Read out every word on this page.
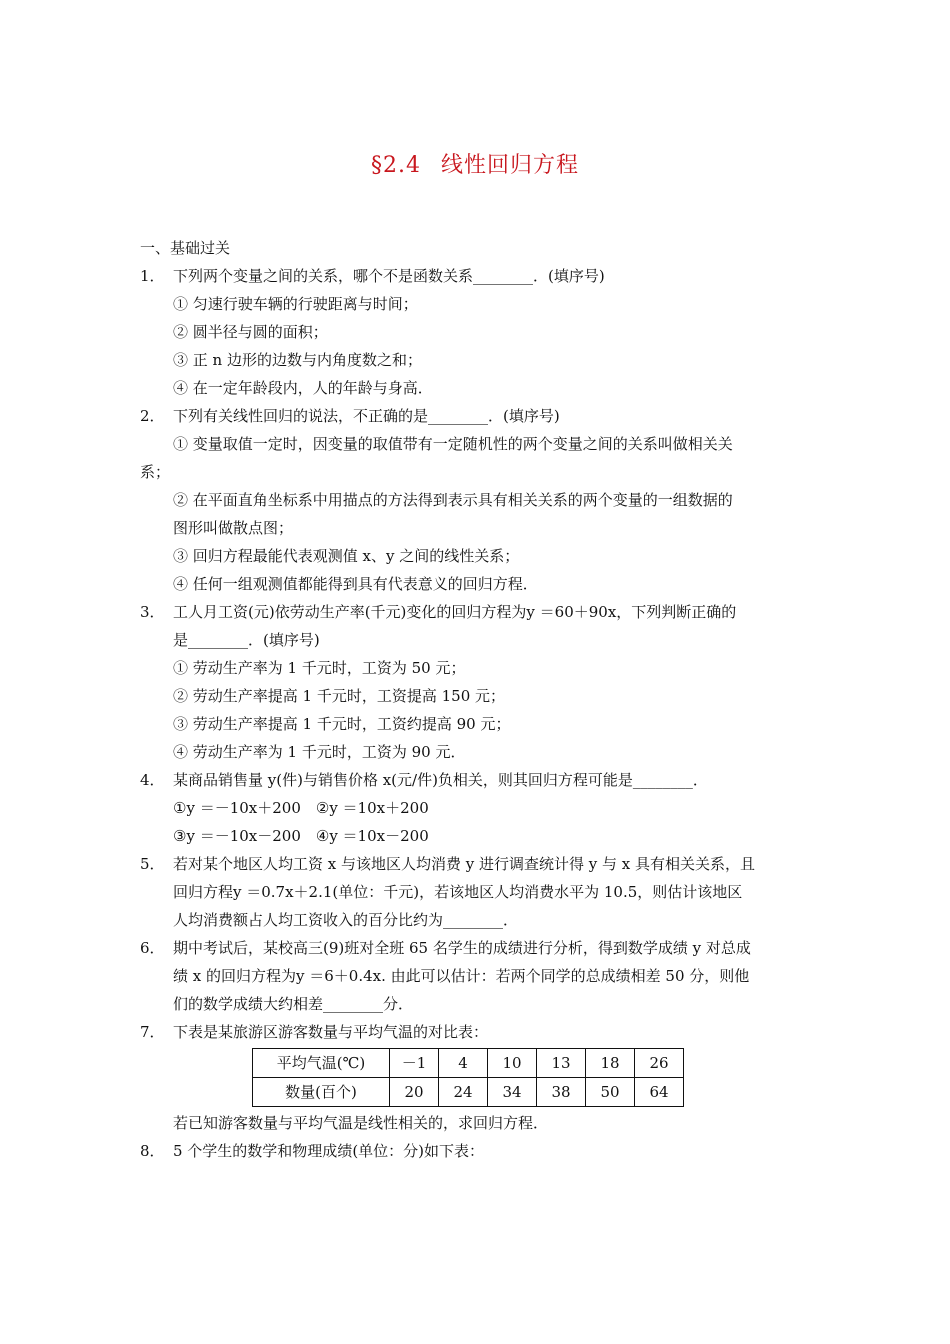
§2.4 线性回归方程
一、基础过关
1． 下列两个变量之间的关系，哪个不是函数关系________．(填序号)
① 匀速行驶车辆的行驶距离与时间；
② 圆半径与圆的面积；
③ 正 n 边形的边数与内角度数之和；
④ 在一定年龄段内，人的年龄与身高．
2． 下列有关线性回归的说法，不正确的是________．(填序号)
① 变量取值一定时，因变量的取值带有一定随机性的两个变量之间的关系叫做相关关
系；
② 在平面直角坐标系中用描点的方法得到表示具有相关关系的两个变量的一组数据的
图形叫做散点图；
③ 回归方程最能代表观测值 x、y 之间的线性关系；
④ 任何一组观测值都能得到具有代表意义的回归方程．
3． 工人月工资(元)依劳动生产率(千元)变化的回归方程为y ＝60＋90x，下列判断正确的
是________．(填序号)
① 劳动生产率为 1 千元时，工资为 50 元；
② 劳动生产率提高 1 千元时，工资提高 150 元；
③ 劳动生产率提高 1 千元时，工资约提高 90 元；
④ 劳动生产率为 1 千元时，工资为 90 元．
4． 某商品销售量 y(件)与销售价格 x(元/件)负相关，则其回归方程可能是________．
①y ＝－10x＋200　②y ＝10x＋200
③y ＝－10x－200　④y ＝10x－200
5． 若对某个地区人均工资 x 与该地区人均消费 y 进行调查统计得 y 与 x 具有相关关系，且
回归方程y ＝0.7x＋2.1(单位：千元)，若该地区人均消费水平为 10.5，则估计该地区
人均消费额占人均工资收入的百分比约为________．
6． 期中考试后，某校高三(9)班对全班 65 名学生的成绩进行分析，得到数学成绩 y 对总成
绩 x 的回归方程为y ＝6＋0.4x. 由此可以估计：若两个同学的总成绩相差 50 分，则他
们的数学成绩大约相差________分．
7． 下表是某旅游区游客数量与平均气温的对比表：
平均气温(℃)	－1	4	10	13	18	26
数量(百个)	20	24	34	38	50	64
若已知游客数量与平均气温是线性相关的，求回归方程．
8． 5 个学生的数学和物理成绩(单位：分)如下表：
